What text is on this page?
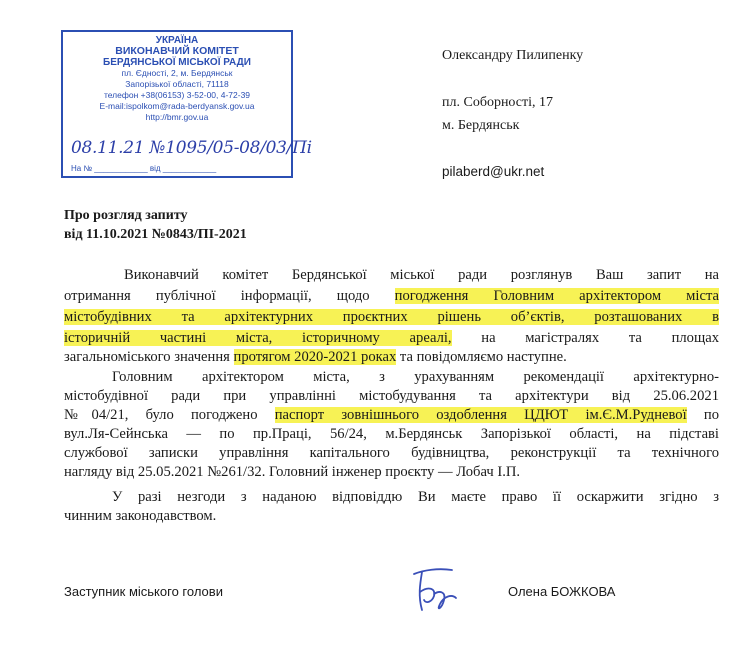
УКРАЇНА
ВИКОНАВЧИЙ КОМІТЕТ
БЕРДЯНСЬКОЇ МІСЬКОЇ РАДИ
пл. Єдності, 2, м. Бердянськ
Запорізької області, 71118
телефон +38(06153) 3-52-00, 4-72-39
E-mail:ispolkom@rada-berdyansk.gov.ua
http://bmr.gov.ua
08.11.21 №1095/05-08/03/Пі
На № ____________ від ____________
Олександру Пилипенку
пл. Соборності, 17
м. Бердянськ
pilaberd@ukr.net
Про розгляд запиту
від 11.10.2021 №0843/ПІ-2021
Виконавчий комітет Бердянської міської ради розглянув Ваш запит на
отримання публічної інформації, щодо погодження Головним архітектором міста
містобудівних та архітектурних проєктних рішень об’єктів, розташованих в
історичній частині міста, історичному ареалі, на магістралях та площах
загальноміського значення протягом 2020-2021 роках та повідомляємо наступне.
Головним архітектором міста, з урахуванням рекомендації архітектурно-
містобудівної ради при управлінні містобудування та архітектури від 25.06.2021
№04/21, було погоджено паспорт зовнішнього оздоблення ЦДЮТ ім.Є.М.Рудневої по
вул.Ля-Сейнська — по пр.Праці, 56/24, м.Бердянськ Запорізької області, на підставі
службової записки управління капітального будівництва, реконструкції та технічного
нагляду від 25.05.2021 №261/32. Головний інженер проєкту — Лобач І.П.
У разі незгоди з наданою відповіддю Ви маєте право її оскаржити згідно з
чинним законодавством.
Заступник міського голови	Олена БОЖКОВА
